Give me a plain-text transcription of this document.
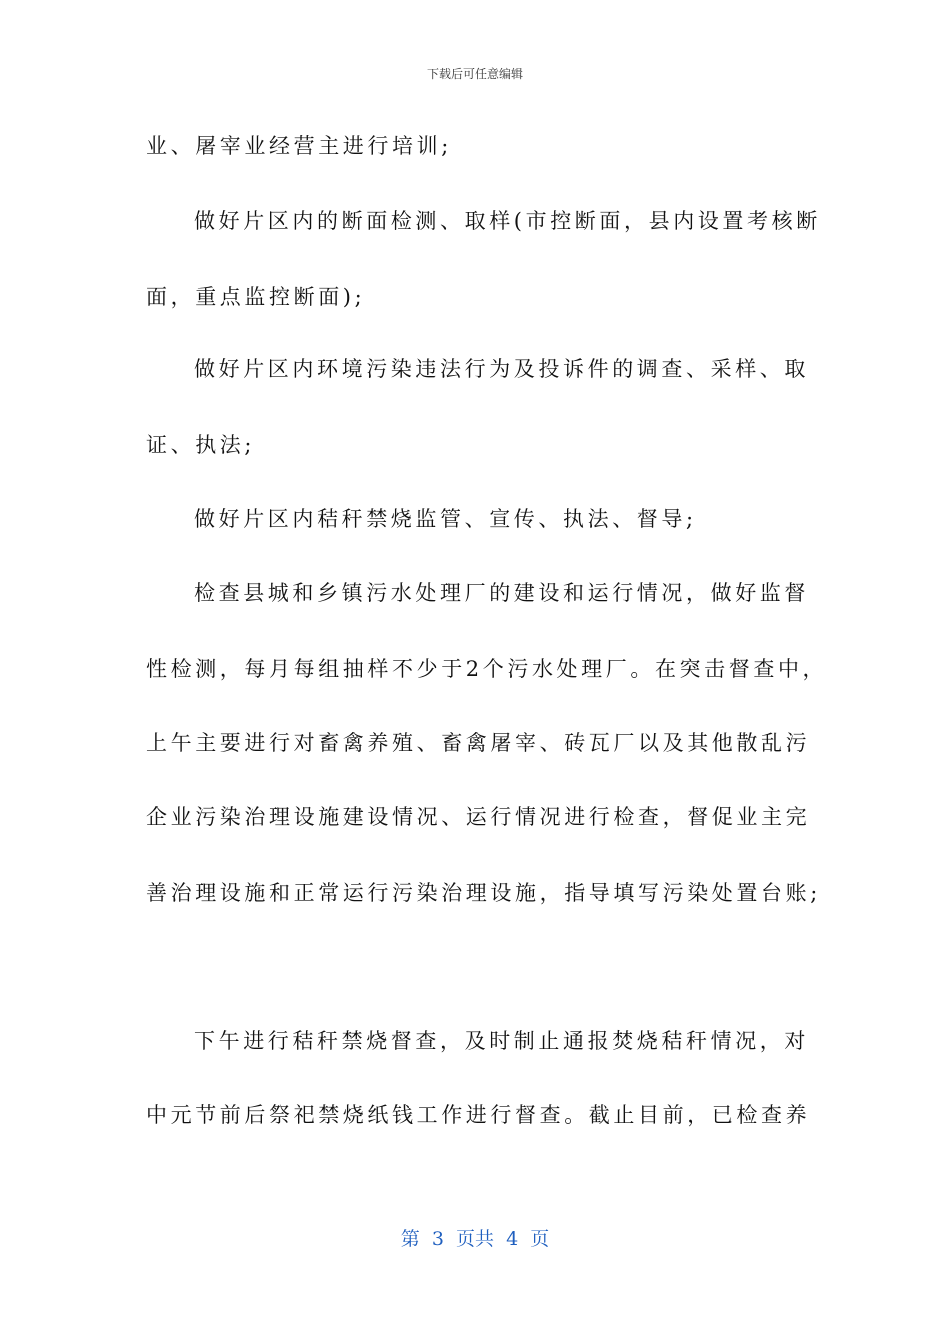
下载后可任意编辑
业、屠宰业经营主进行培训;
做好片区内的断面检测、取样(市控断面，县内设置考核断
面，重点监控断面);
做好片区内环境污染违法行为及投诉件的调查、采样、取
证、执法;
做好片区内秸秆禁烧监管、宣传、执法、督导;
检查县城和乡镇污水处理厂的建设和运行情况，做好监督
性检测，每月每组抽样不少于2个污水处理厂。在突击督查中，
上午主要进行对畜禽养殖、畜禽屠宰、砖瓦厂以及其他散乱污
企业污染治理设施建设情况、运行情况进行检查，督促业主完
善治理设施和正常运行污染治理设施，指导填写污染处置台账;
下午进行秸秆禁烧督查，及时制止通报焚烧秸秆情况，对
中元节前后祭祀禁烧纸钱工作进行督查。截止目前，已检查养
第  3  页共  4  页
